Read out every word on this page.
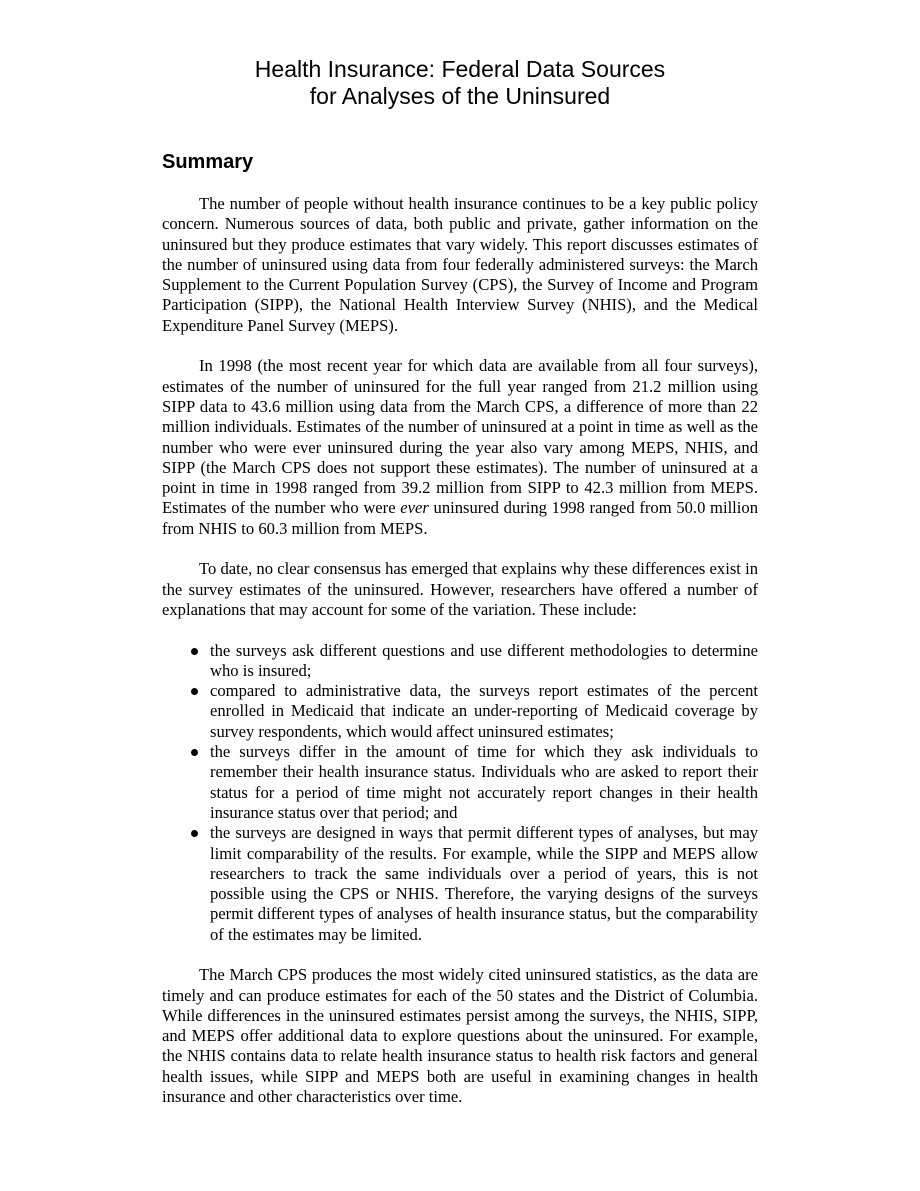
Health Insurance: Federal Data Sources
for Analyses of the Uninsured
Summary

The number of people without health insurance continues to be a key public policy concern. Numerous sources of data, both public and private, gather information on the uninsured but they produce estimates that vary widely. This report discusses estimates of the number of uninsured using data from four federally administered surveys: the March Supplement to the Current Population Survey (CPS), the Survey of Income and Program Participation (SIPP), the National Health Interview Survey (NHIS), and the Medical Expenditure Panel Survey (MEPS).

In 1998 (the most recent year for which data are available from all four surveys), estimates of the number of uninsured for the full year ranged from 21.2 million using SIPP data to 43.6 million using data from the March CPS, a difference of more than 22 million individuals. Estimates of the number of uninsured at a point in time as well as the number who were ever uninsured during the year also vary among MEPS, NHIS, and SIPP (the March CPS does not support these estimates). The number of uninsured at a point in time in 1998 ranged from 39.2 million from SIPP to 42.3 million from MEPS. Estimates of the number who were ever uninsured during 1998 ranged from 50.0 million from NHIS to 60.3 million from MEPS.

To date, no clear consensus has emerged that explains why these differences exist in the survey estimates of the uninsured. However, researchers have offered a number of explanations that may account for some of the variation. These include:

the surveys ask different questions and use different methodologies to determine who is insured;
compared to administrative data, the surveys report estimates of the percent enrolled in Medicaid that indicate an under-reporting of Medicaid coverage by survey respondents, which would affect uninsured estimates;
the surveys differ in the amount of time for which they ask individuals to remember their health insurance status. Individuals who are asked to report their status for a period of time might not accurately report changes in their health insurance status over that period; and
the surveys are designed in ways that permit different types of analyses, but may limit comparability of the results. For example, while the SIPP and MEPS allow researchers to track the same individuals over a period of years, this is not possible using the CPS or NHIS. Therefore, the varying designs of the surveys permit different types of analyses of health insurance status, but the comparability of the estimates may be limited.

The March CPS produces the most widely cited uninsured statistics, as the data are timely and can produce estimates for each of the 50 states and the District of Columbia. While differences in the uninsured estimates persist among the surveys, the NHIS, SIPP, and MEPS offer additional data to explore questions about the uninsured. For example, the NHIS contains data to relate health insurance status to health risk factors and general health issues, while SIPP and MEPS both are useful in examining changes in health insurance and other characteristics over time.
